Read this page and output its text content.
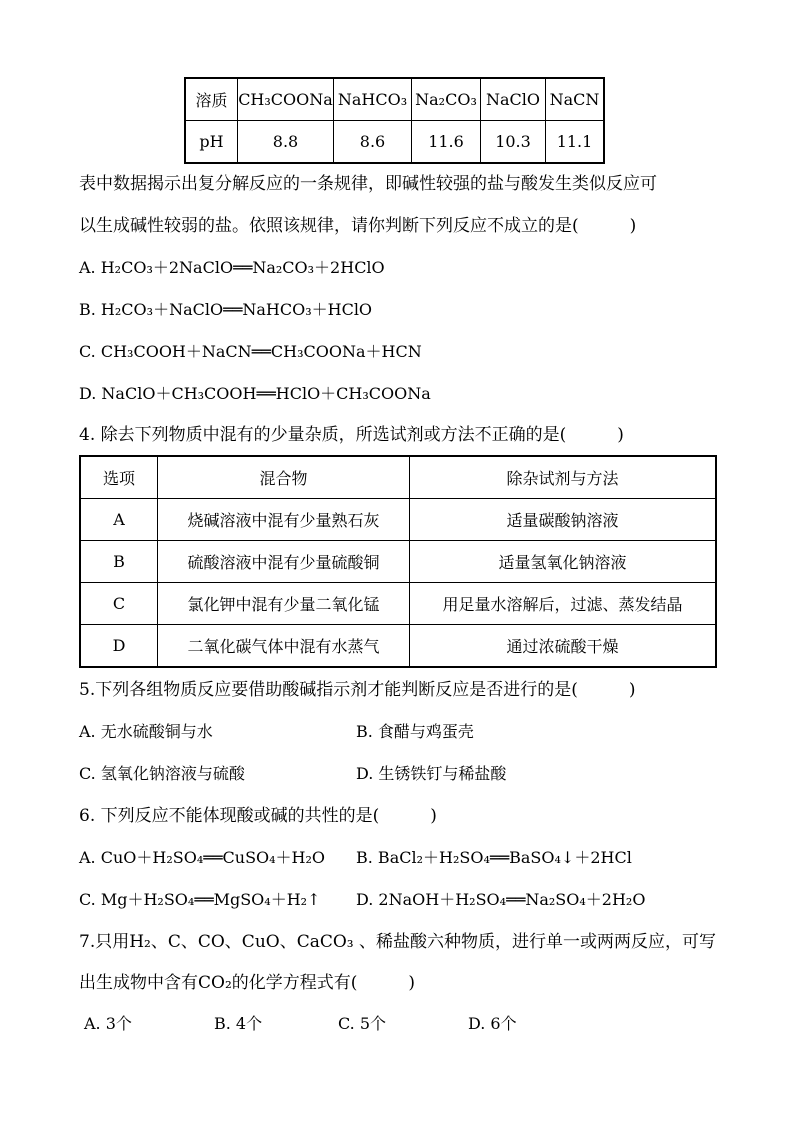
溶质	CH₃COONa	NaHCO₃	Na₂CO₃	NaClO	NaCN
pH	8.8	8.6	11.6	10.3	11.1
表中数据揭示出复分解反应的一条规律，即碱性较强的盐与酸发生类似反应可
以生成碱性较弱的盐。依照该规律，请你判断下列反应不成立的是(　　　)
A. H₂CO₃＋2NaClO══Na₂CO₃＋2HClO
B. H₂CO₃＋NaClO══NaHCO₃＋HClO
C. CH₃COOH＋NaCN══CH₃COONa＋HCN
D. NaClO＋CH₃COOH══HClO＋CH₃COONa
4. 除去下列物质中混有的少量杂质，所选试剂或方法不正确的是(　　　)
选项	混合物	除杂试剂与方法
A	烧碱溶液中混有少量熟石灰	适量碳酸钠溶液
B	硫酸溶液中混有少量硫酸铜	适量氢氧化钠溶液
C	氯化钾中混有少量二氧化锰	用足量水溶解后，过滤、蒸发结晶
D	二氧化碳气体中混有水蒸气	通过浓硫酸干燥
5.下列各组物质反应要借助酸碱指示剂才能判断反应是否进行的是(　　　)
A. 无水硫酸铜与水	B. 食醋与鸡蛋壳
C. 氢氧化钠溶液与硫酸	D. 生锈铁钉与稀盐酸
6. 下列反应不能体现酸或碱的共性的是(　　　)
A. CuO＋H₂SO₄══CuSO₄＋H₂O B. BaCl₂＋H₂SO₄══BaSO₄↓＋2HCl
C. Mg＋H₂SO₄══MgSO₄＋H₂↑ D. 2NaOH＋H₂SO₄══Na₂SO₄＋2H₂O
7.只用H₂、C、CO、CuO、CaCO₃ 、稀盐酸六种物质，进行单一或两两反应，可写
出生成物中含有CO₂的化学方程式有(　　　)
A. 3个	B. 4个	C. 5个	D. 6个
